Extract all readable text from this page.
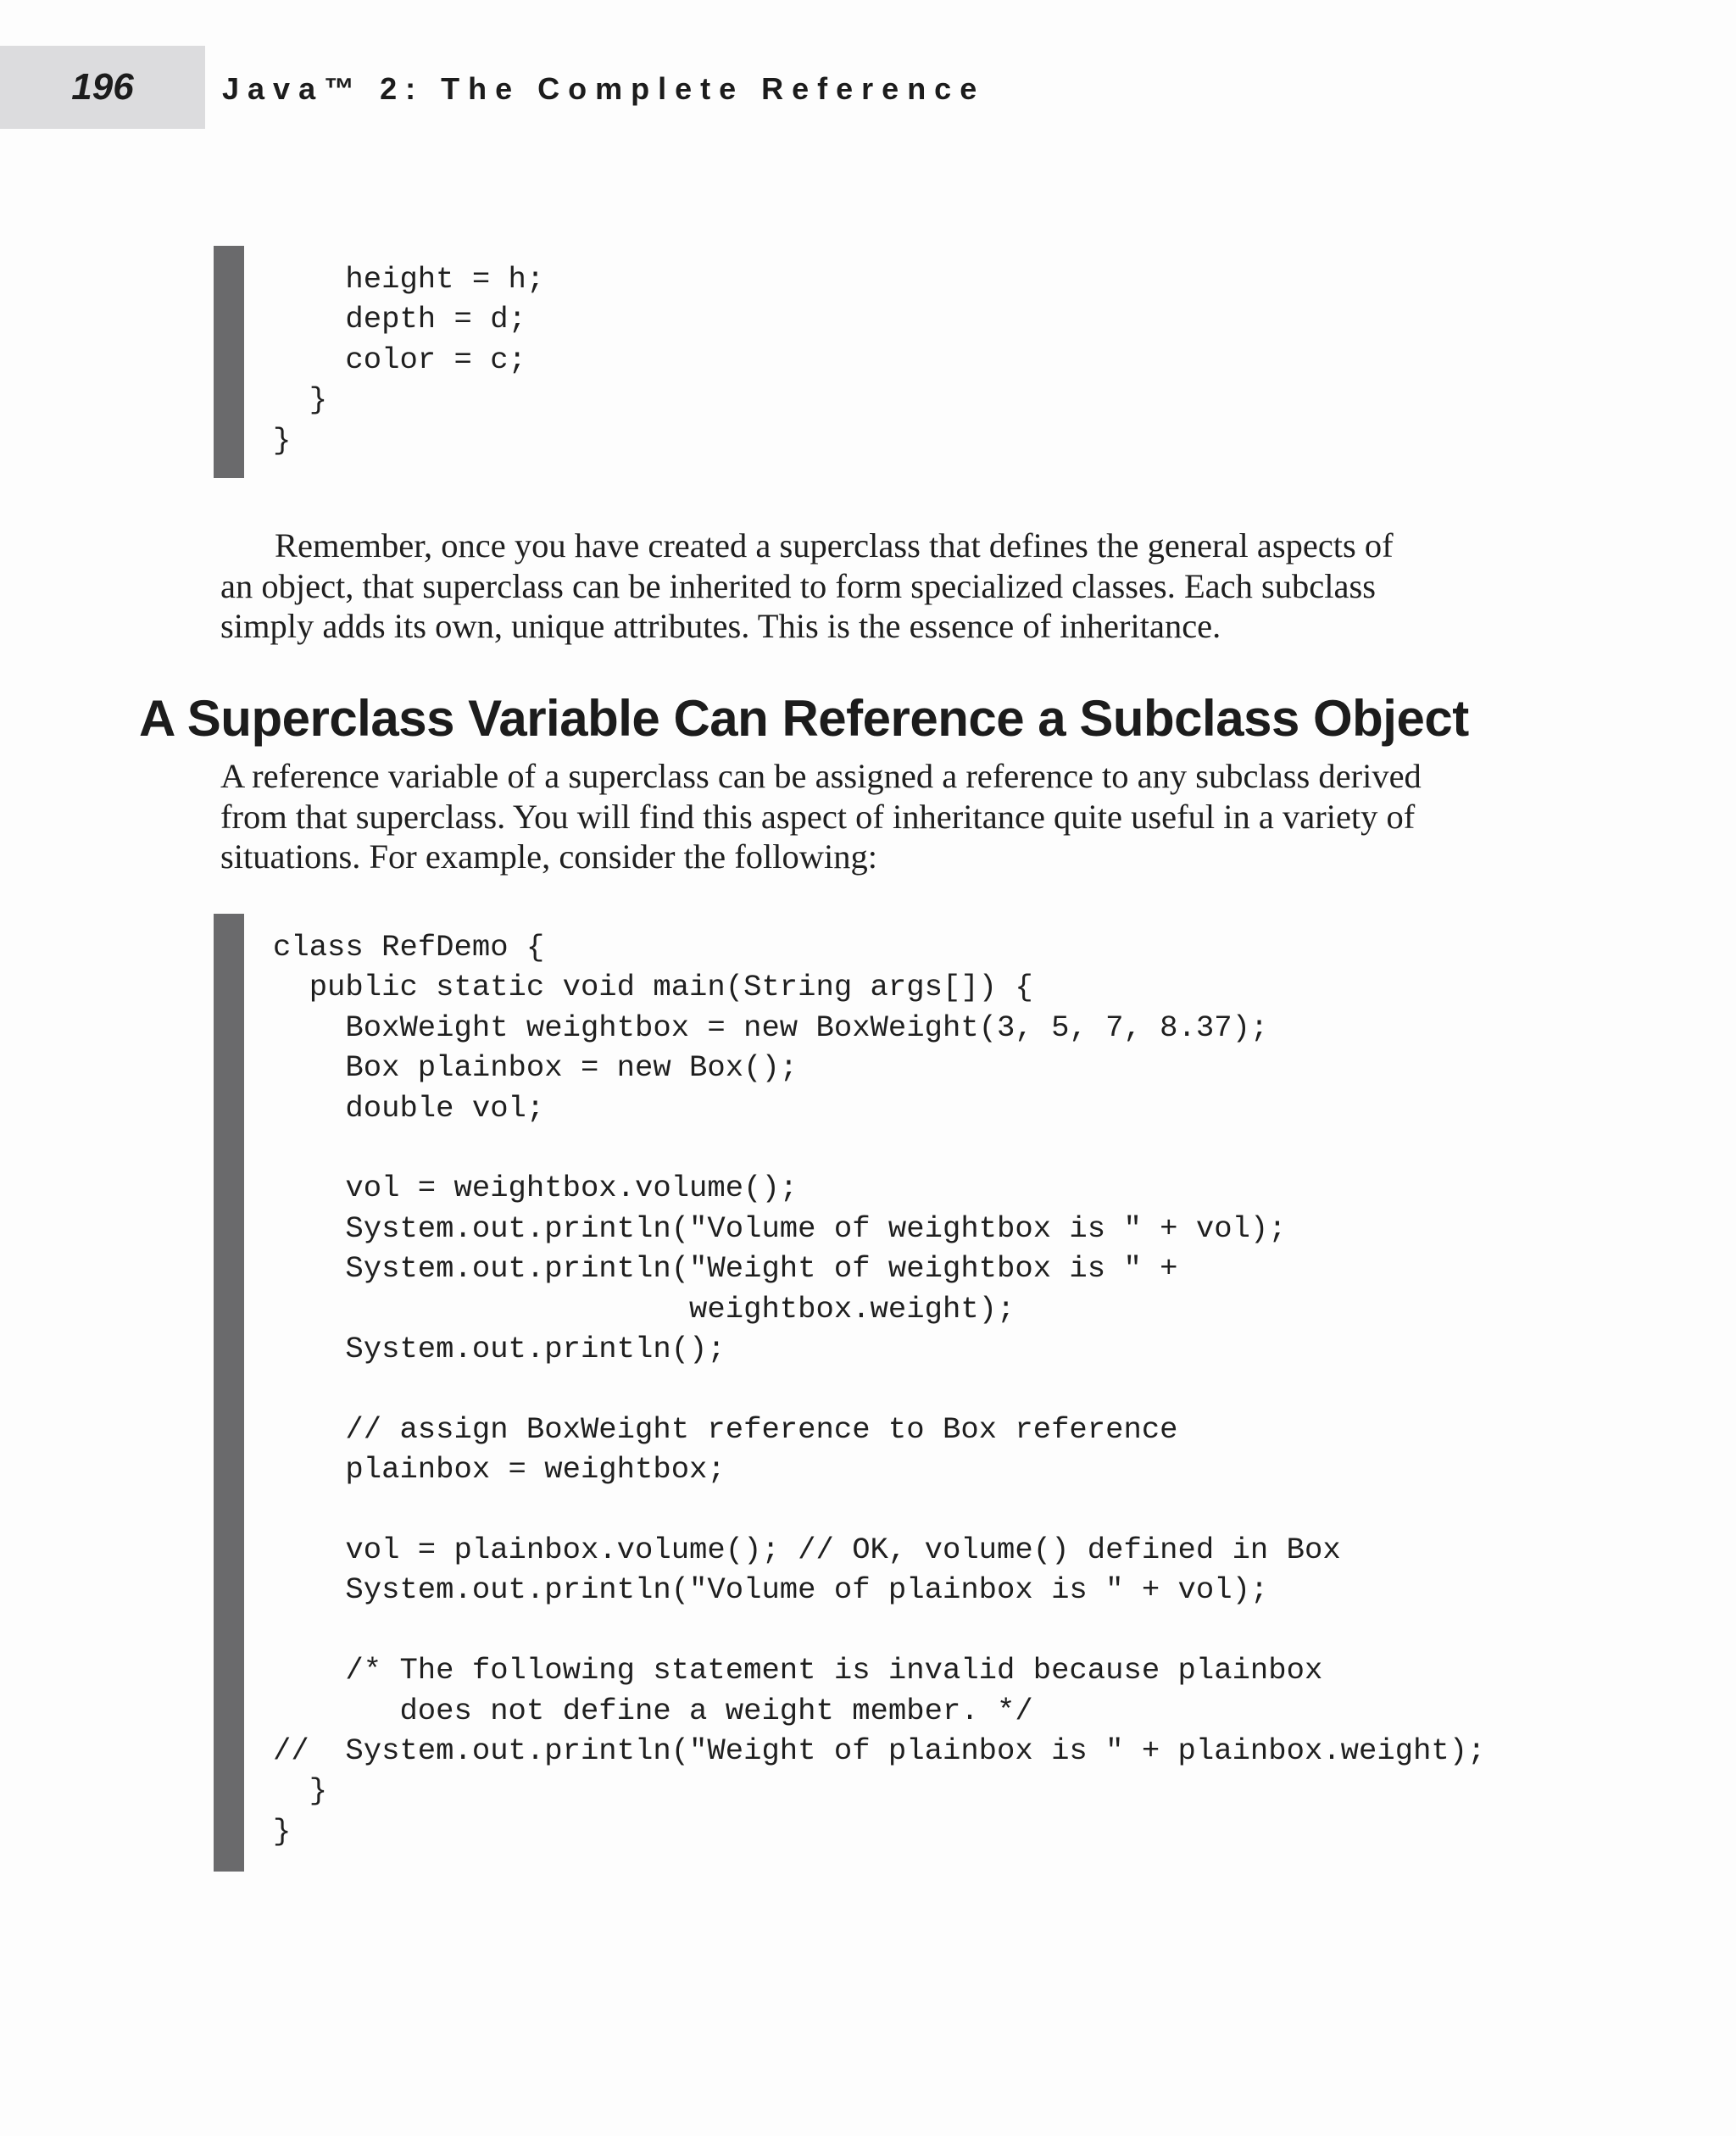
196	Java™ 2: The Complete Reference
height = h;
depth = d;
color = c;
}
}
Remember, once you have created a superclass that defines the general aspects of
an object, that superclass can be inherited to form specialized classes. Each subclass
simply adds its own, unique attributes. This is the essence of inheritance.
A Superclass Variable Can Reference a Subclass Object
A reference variable of a superclass can be assigned a reference to any subclass derived
from that superclass. You will find this aspect of inheritance quite useful in a variety of
situations. For example, consider the following:
class RefDemo {
public static void main(String args[]) {
BoxWeight weightbox = new BoxWeight(3, 5, 7, 8.37);
Box plainbox = new Box();
double vol;
vol = weightbox.volume();
System.out.println("Volume of weightbox is " + vol);
System.out.println("Weight of weightbox is " +
weightbox.weight);
System.out.println();
// assign BoxWeight reference to Box reference
plainbox = weightbox;
vol = plainbox.volume(); // OK, volume() defined in Box
System.out.println("Volume of plainbox is " + vol);
/* The following statement is invalid because plainbox
does not define a weight member. */
//  System.out.println("Weight of plainbox is " + plainbox.weight);
}
}
